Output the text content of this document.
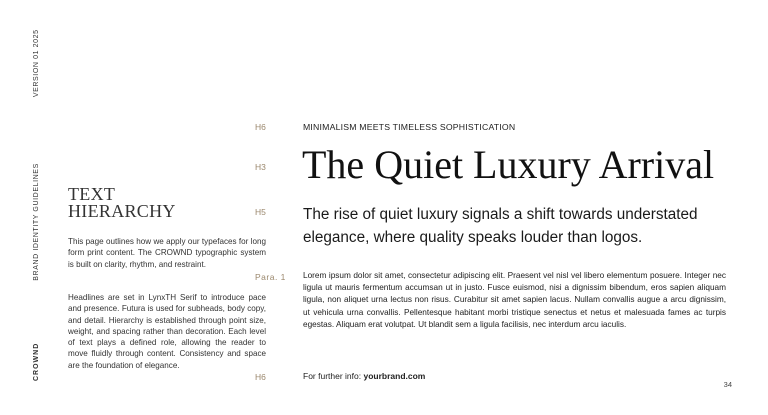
CROWND
BRAND IDENTITY GUIDELINES
VERSION 01 2025
TEXT
HIERARCHY
This page outlines how we apply our typefaces for long form print content. The CROWND typographic system is built on clarity, rhythm, and restraint.
Headlines are set in LynxTH Serif to introduce pace and presence. Futura is used for subheads, body copy, and detail. Hierarchy is established through point size, weight, and spacing rather than decoration. Each level of text plays a defined role, allowing the reader to move fluidly through content. Consistency and space are the foundation of elegance.
H6
H3
H5
Para. 1
H6
MINIMALISM MEETS TIMELESS SOPHISTICATION
The Quiet Luxury Arrival
The rise of quiet luxury signals a shift towards understated elegance, where quality speaks louder than logos.
Lorem ipsum dolor sit amet, consectetur adipiscing elit. Praesent vel nisl vel libero elementum posuere. Integer nec ligula ut mauris fermentum accumsan ut in justo. Fusce euismod, nisi a dignissim bibendum, eros sapien aliquam ligula, non aliquet urna lectus non risus. Curabitur sit amet sapien lacus. Nullam convallis augue a arcu dignissim, ut vehicula urna convallis. Pellentesque habitant morbi tristique senectus et netus et malesuada fames ac turpis egestas. Aliquam erat volutpat. Ut blandit sem a ligula facilisis, nec interdum arcu iaculis.
For further info: yourbrand.com
34
